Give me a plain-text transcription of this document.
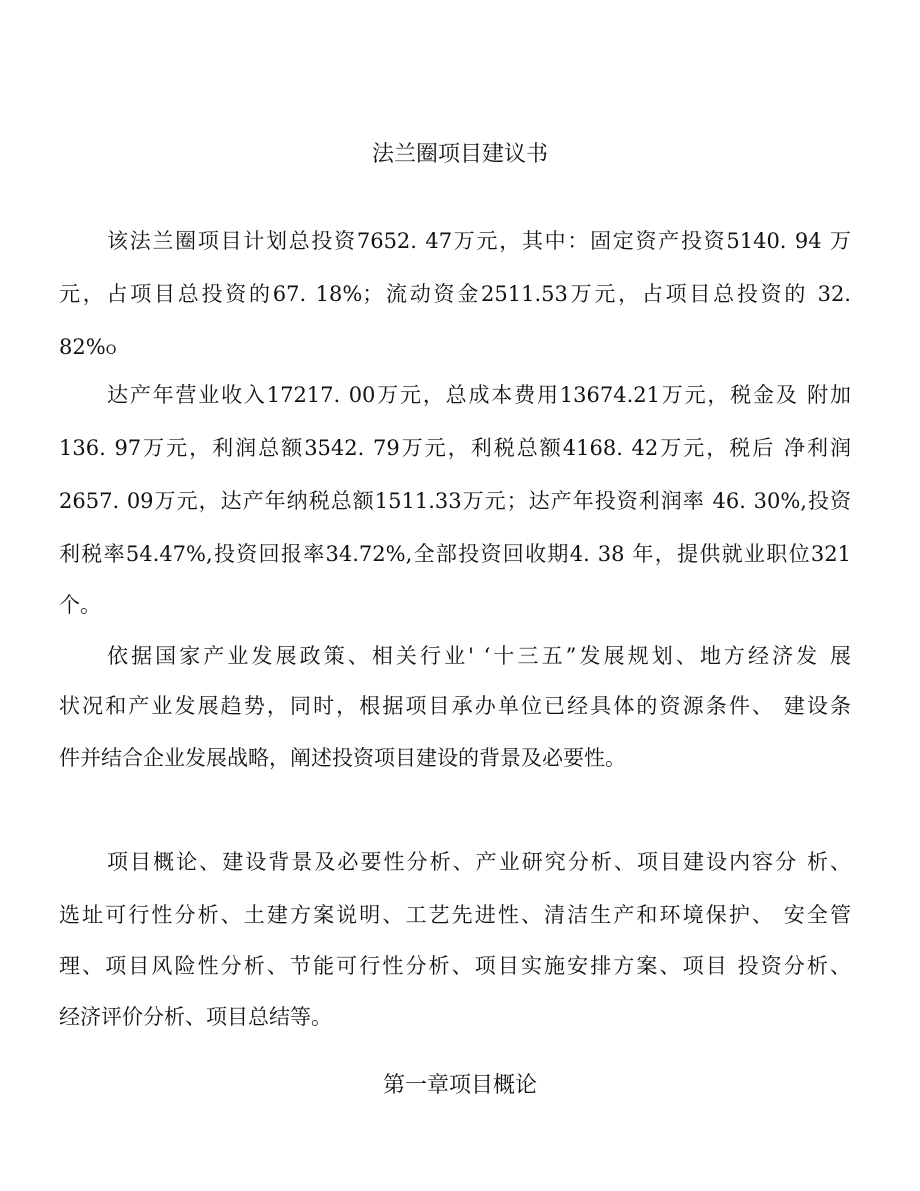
法兰圈项目建议书
该法兰圈项目计划总投资7652. 47万元，其中：固定资产投资5140. 94 万
元，占项目总投资的67. 18%；流动资金2511.53万元，占项目总投资的 32.
82%O
达产年营业收入17217. 00万元，总成本费用13674.21万元，税金及 附加
136. 97万元，利润总额3542. 79万元，利税总额4168. 42万元，税后 净利润
2657. 09万元，达产年纳税总额1511.33万元；达产年投资利润率 46. 30%,投资
利税率54.47%,投资回报率34.72%,全部投资回收期4. 38 年，提供就业职位321
个。
依据国家产业发展政策、相关行业' ‘十三五”发展规划、地方经济发 展
状况和产业发展趋势，同时，根据项目承办单位已经具体的资源条件、 建设条
件并结合企业发展战略，阐述投资项目建设的背景及必要性。
项目概论、建设背景及必要性分析、产业研究分析、项目建设内容分 析、
选址可行性分析、土建方案说明、工艺先进性、清洁生产和环境保护、 安全管
理、项目风险性分析、节能可行性分析、项目实施安排方案、项目 投资分析、
经济评价分析、项目总结等。
第一章项目概论
